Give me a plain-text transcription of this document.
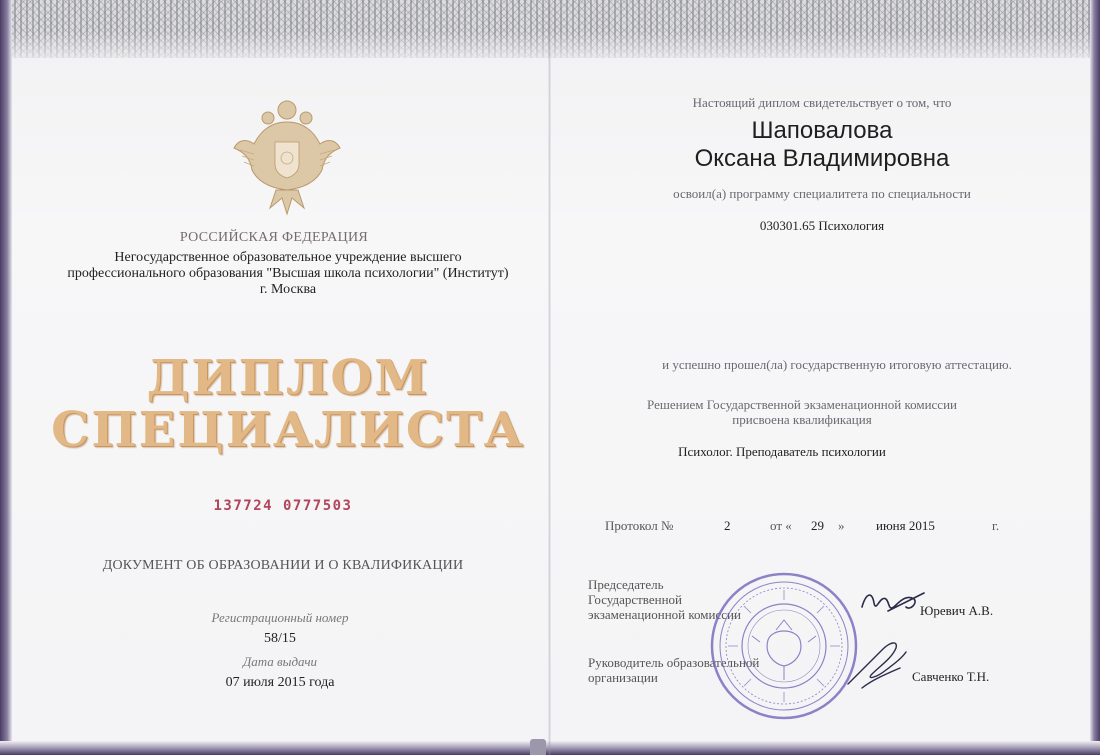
РОССИЙСКАЯ ФЕДЕРАЦИЯ
Негосударственное образовательное учреждение высшего
профессионального образования "Высшая школа психологии" (Институт)
г. Москва
ДИПЛОМ
СПЕЦИАЛИСТА
137724 0777503
ДОКУМЕНТ ОБ ОБРАЗОВАНИИ И О КВАЛИФИКАЦИИ
Регистрационный номер
58/15
Дата выдачи
07 июля 2015 года
Настоящий диплом свидетельствует о том, что
Шаповалова
Оксана Владимировна
освоил(а) программу специалитета по специальности
030301.65 Психология
и успешно прошел(ла) государственную итоговую аттестацию.
Решением Государственной экзаменационной комиссии
присвоена квалификация
Психолог. Преподаватель психологии
Протокол №	2	от « 29 » июня 2015	г.
Председатель
Государственной
экзаменационной комиссии	Юревич А.В.
Руководитель образовательной
организации	Савченко Т.Н.
